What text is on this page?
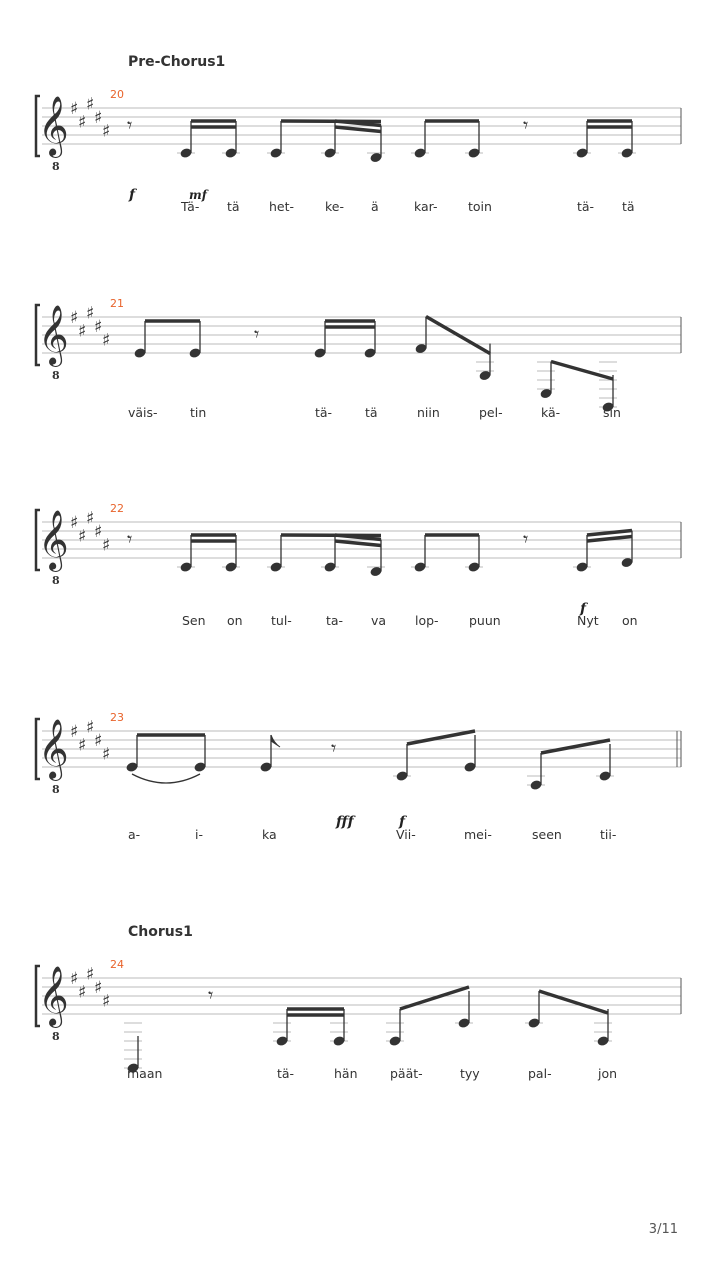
Pre-Chorus1
Chorus1
𝄞
8
♯
♯
♯
♯
♯
20
𝄾	𝄾
Tä- tä het- ke- ä	kar- toin	tä- tä
f	mf
𝄞
8
♯
♯
♯
♯
♯
21
𝄾
väis-	tin	tä-	tä	niin	pel-	kä-	sin
𝄞
8
♯
♯
♯
♯
♯
22
𝄾	𝄾
Sen on tul-	ta- va lop- puun	Nyt on
f
𝄞
8
♯
♯
♯
♯
♯
23
𝄾
a-	i-	ka	Vii-	mei-	seen	tii-
fff	f
𝄞
8
♯
♯
♯
♯
♯
24
𝄾
maan	tä-	hän	päät-	tyy	pal-	jon
3/11
